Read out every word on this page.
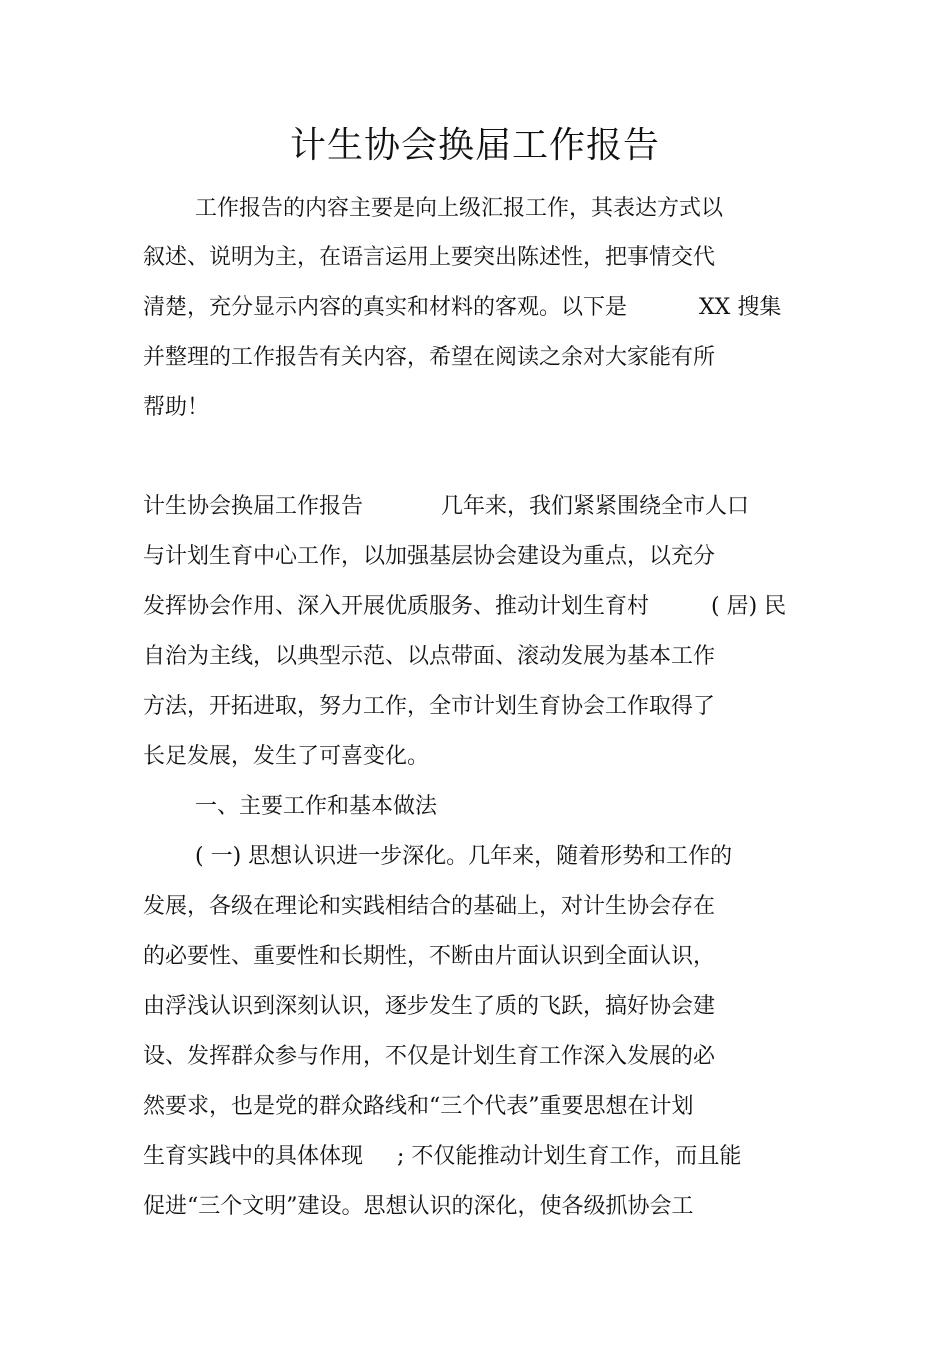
计生协会换届工作报告
工作报告的内容主要是向上级汇报工作，其表达方式以
叙述、说明为主，在语言运用上要突出陈述性，把事情交代
清楚，充分显示内容的真实和材料的客观。以下是	XX 搜集
并整理的工作报告有关内容，希望在阅读之余对大家能有所
帮助！
计生协会换届工作报告	几年来，我们紧紧围绕全市人口
与计划生育中心工作，以加强基层协会建设为重点，以充分
发挥协会作用、深入开展优质服务、推动计划生育村	( 居) 民
自治为主线，以典型示范、以点带面、滚动发展为基本工作
方法，开拓进取，努力工作，全市计划生育协会工作取得了
长足发展，发生了可喜变化。
一、主要工作和基本做法
( 一) 思想认识进一步深化。几年来，随着形势和工作的
发展，各级在理论和实践相结合的基础上，对计生协会存在
的必要性、重要性和长期性，不断由片面认识到全面认识，
由浮浅认识到深刻认识，逐步发生了质的飞跃，搞好协会建
设、发挥群众参与作用，不仅是计划生育工作深入发展的必
然要求，也是党的群众路线和“三个代表”重要思想在计划
生育实践中的具体体现 ; 不仅能推动计划生育工作，而且能
促进“三个文明”建设。思想认识的深化，使各级抓协会工
